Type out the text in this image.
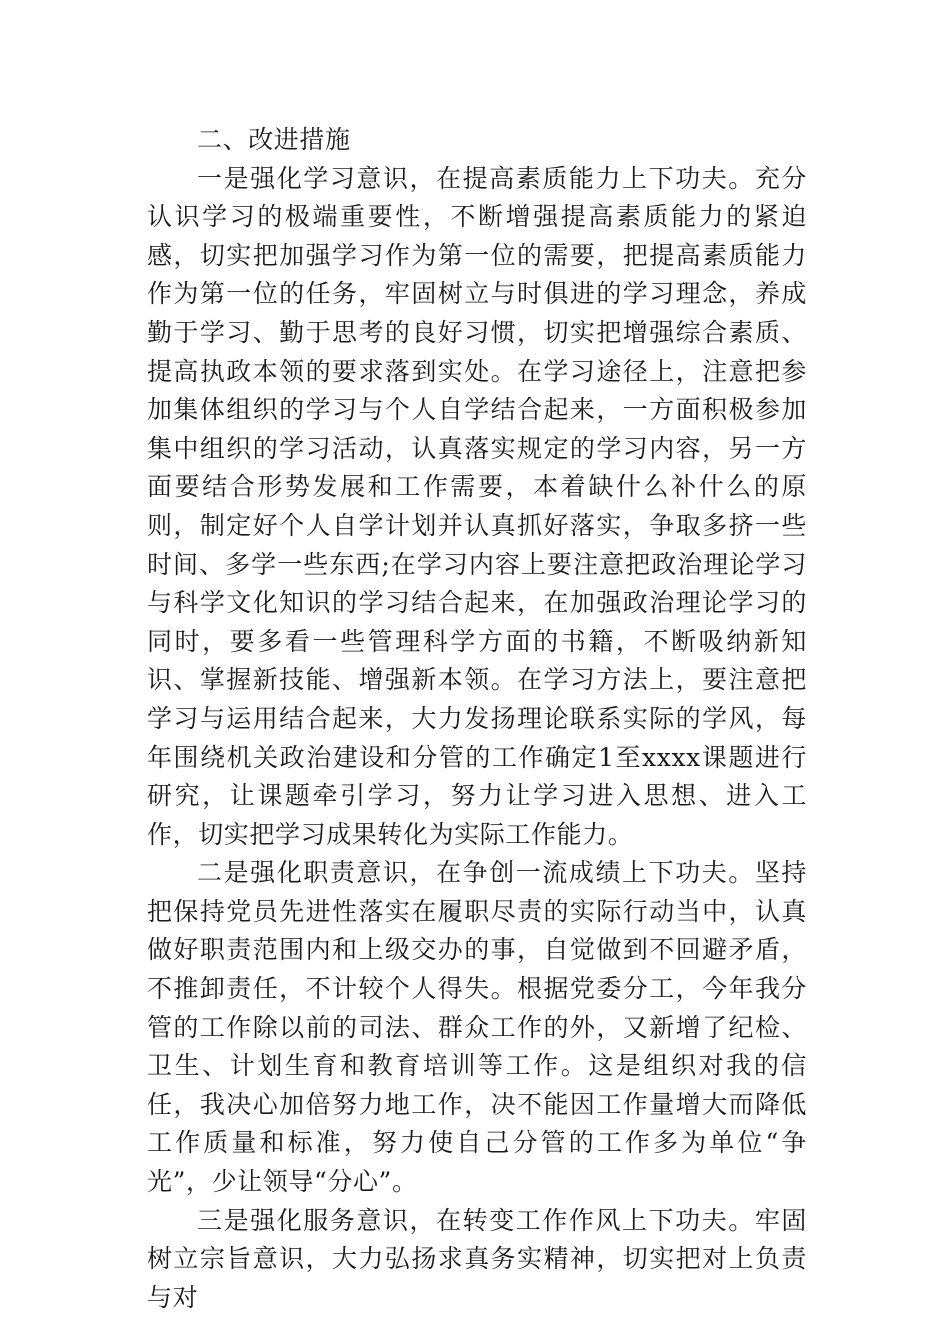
二、改进措施

一是强化学习意识，在提高素质能力上下功夫。充分认识学习的极端重要性，不断增强提高素质能力的紧迫感，切实把加强学习作为第一位的需要，把提高素质能力作为第一位的任务，牢固树立与时俱进的学习理念，养成勤于学习、勤于思考的良好习惯，切实把增强综合素质、提高执政本领的要求落到实处。在学习途径上，注意把参加集体组织的学习与个人自学结合起来，一方面积极参加集中组织的学习活动，认真落实规定的学习内容，另一方面要结合形势发展和工作需要，本着缺什么补什么的原则，制定好个人自学计划并认真抓好落实，争取多挤一些时间、多学一些东西;在学习内容上要注意把政治理论学习与科学文化知识的学习结合起来，在加强政治理论学习的同时，要多看一些管理科学方面的书籍，不断吸纳新知识、掌握新技能、增强新本领。在学习方法上，要注意把学习与运用结合起来，大力发扬理论联系实际的学风，每年围绕机关政治建设和分管的工作确定1至xxxx课题进行研究，让课题牵引学习，努力让学习进入思想、进入工作，切实把学习成果转化为实际工作能力。

二是强化职责意识，在争创一流成绩上下功夫。坚持把保持党员先进性落实在履职尽责的实际行动当中，认真做好职责范围内和上级交办的事，自觉做到不回避矛盾，不推卸责任，不计较个人得失。根据党委分工，今年我分管的工作除以前的司法、群众工作的外，又新增了纪检、卫生、计划生育和教育培训等工作。这是组织对我的信任，我决心加倍努力地工作，决不能因工作量增大而降低工作质量和标准，努力使自己分管的工作多为单位“争光”，少让领导“分心”。

三是强化服务意识，在转变工作作风上下功夫。牢固树立宗旨意识，大力弘扬求真务实精神，切实把对上负责与对
